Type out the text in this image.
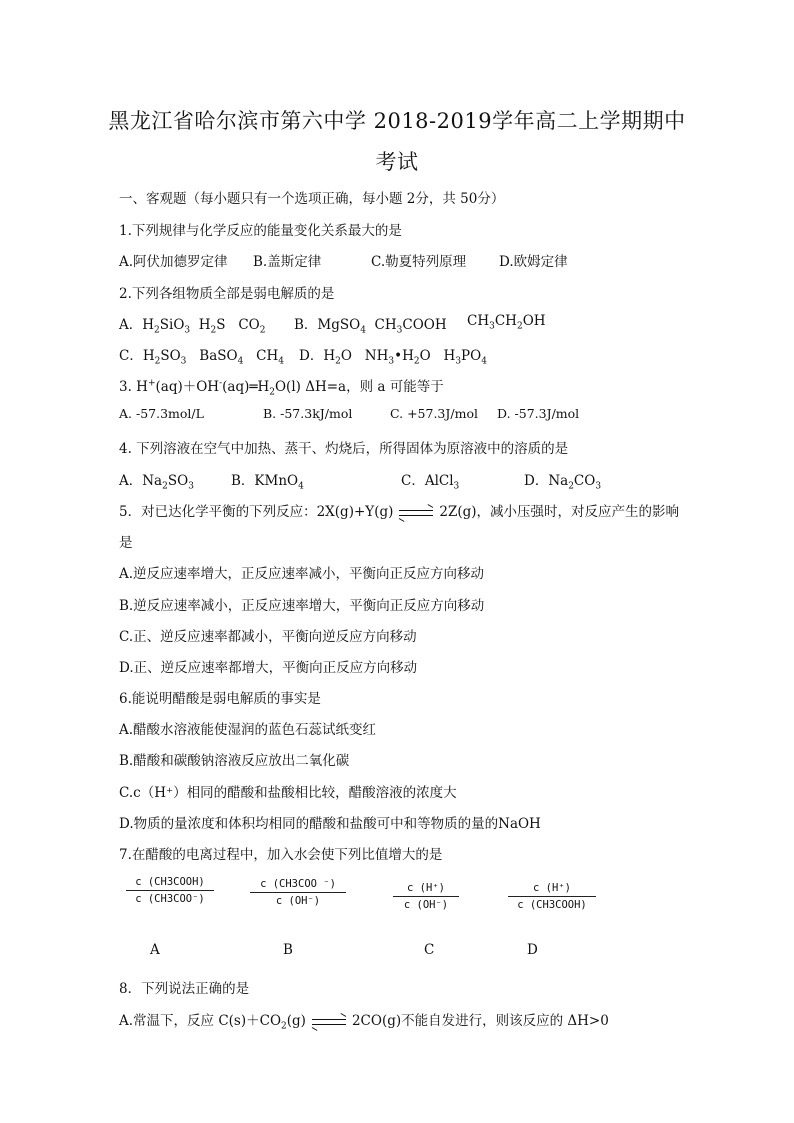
黑龙江省哈尔滨市第六中学 2018-2019学年高二上学期期中
考试
一、客观题（每小题只有一个选项正确，每小题 2分，共 50分）
1.下列规律与化学反应的能量变化关系最大的是
A.阿伏加德罗定律 B.盖斯定律	C.勒夏特列原理 D.欧姆定律
2.下列各组物质全部是弱电解质的是
A．$H_2SiO_3$  $H_2S$   $CO_2$ B．MgSO$_4$  $CH_3COOH$ $CH_3CH_2OH$
C．$H_2SO_3$   BaSO$_4$   $CH_4$ D．$H_2O$   $NH_3•H_2O$   $H_3PO_4$
3. $H^+(aq)+OH^-(aq)═H_2O(l)$ ΔH=a，则 a 可能等于
A. -57.3mol/L	B. -57.3kJ/mol	C. +57.3J/mol D. -57.3J/mol
4. 下列溶液在空气中加热、蒸干、灼烧后，所得固体为原溶液中的溶质的是
A．$Na_2SO_3$	B．KMnO$_4$	C．AlCl$_3$	D．$Na_2CO_3$
5．对已达化学平衡的下列反应：2X(g)+Y(g)	2Z(g)，减小压强时，对反应产生的影响
是
A.逆反应速率增大，正反应速率减小，平衡向正反应方向移动
B.逆反应速率减小，正反应速率增大，平衡向正反应方向移动
C.正、逆反应速率都减小，平衡向逆反应方向移动
D.正、逆反应速率都增大，平衡向正反应方向移动
6.能说明醋酸是弱电解质的事实是
A.醋酸水溶液能使湿润的蓝色石蕊试纸变红
B.醋酸和碳酸钠溶液反应放出二氧化碳
C.c（H⁺）相同的醋酸和盐酸相比较，醋酸溶液的浓度大
D.物质的量浓度和体积均相同的醋酸和盐酸可中和等物质的量的NaOH
7.在醋酸的电离过程中，加入水会使下列比值增大的是
c (CH3COOH)
c (CH3COO⁻)
c (CH3COO ⁻)
c (OH⁻)
c (H⁺)
c (OH⁻)
c (H⁺)
c (CH3COOH)
A	B	C	D
8．下列说法正确的是
A.常温下，反应 $C(s)+CO_2(g)$	2CO(g)不能自发进行，则该反应的 ΔH>0
